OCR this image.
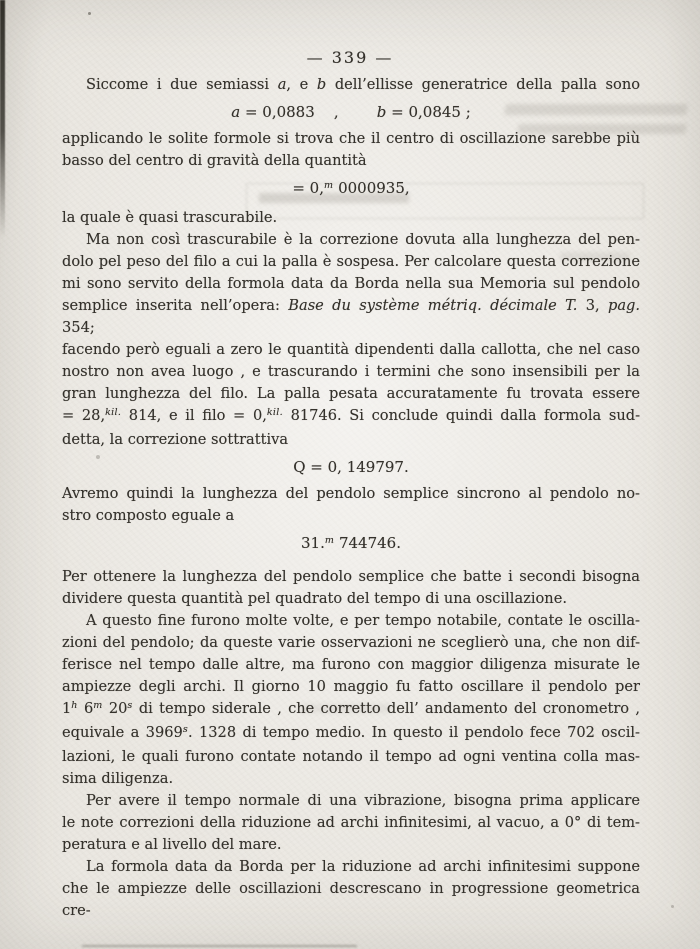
— 339 —
Siccome i due semiassi a, e b dell’ellisse generatrice della palla sono
a = 0,0883    ,        b = 0,0845 ;
applicando le solite formole si trova che il centro di oscillazione sarebbe più
basso del centro di gravità della quantità
= 0,$^m$ 0000935,
la quale è quasi trascurabile.
Ma non così trascurabile è la correzione dovuta alla lunghezza del pen-
dolo pel peso del filo a cui la palla è sospesa. Per calcolare questa correzione
mi sono servito della formola data da Borda nella sua Memoria sul pendolo
semplice inserita nell’opera: Base du système métriq. décimale T. 3, pag. 354;
facendo però eguali a zero le quantità dipendenti dalla callotta, che nel caso
nostro non avea luogo , e trascurando i termini che sono insensibili per la
gran lunghezza del filo. La palla pesata accuratamente fu trovata essere
= 28,$^{kil.}$ 814, e il filo = 0,$^{kil.}$ 81746. Si conclude quindi dalla formola sud-
detta, la correzione sottrattiva
Q = 0, 149797.
Avremo quindi la lunghezza del pendolo semplice sincrono al pendolo no-
stro composto eguale a
31.$^m$ 744746.
Per ottenere la lunghezza del pendolo semplice che batte i secondi bisogna
dividere questa quantità pel quadrato del tempo di una oscillazione.
A questo fine furono molte volte, e per tempo notabile, contate le oscilla-
zioni del pendolo; da queste varie osservazioni ne sceglierò una, che non dif-
ferisce nel tempo dalle altre, ma furono con maggior diligenza misurate le
ampiezze degli archi. Il giorno 10 maggio fu fatto oscillare il pendolo per
1$^h$ 6$^m$ 20$^s$ di tempo siderale , che corretto dell’ andamento del cronometro ,
equivale a 3969$^s$. 1328 di tempo medio. In questo il pendolo fece 702 oscil-
lazioni, le quali furono contate notando il tempo ad ogni ventina colla mas-
sima diligenza.
Per avere il tempo normale di una vibrazione, bisogna prima applicare
le note correzioni della riduzione ad archi infinitesimi, al vacuo, a 0° di tem-
peratura e al livello del mare.
La formola data da Borda per la riduzione ad archi infinitesimi suppone
che le ampiezze delle oscillazioni descrescano in progressione geometrica cre-
